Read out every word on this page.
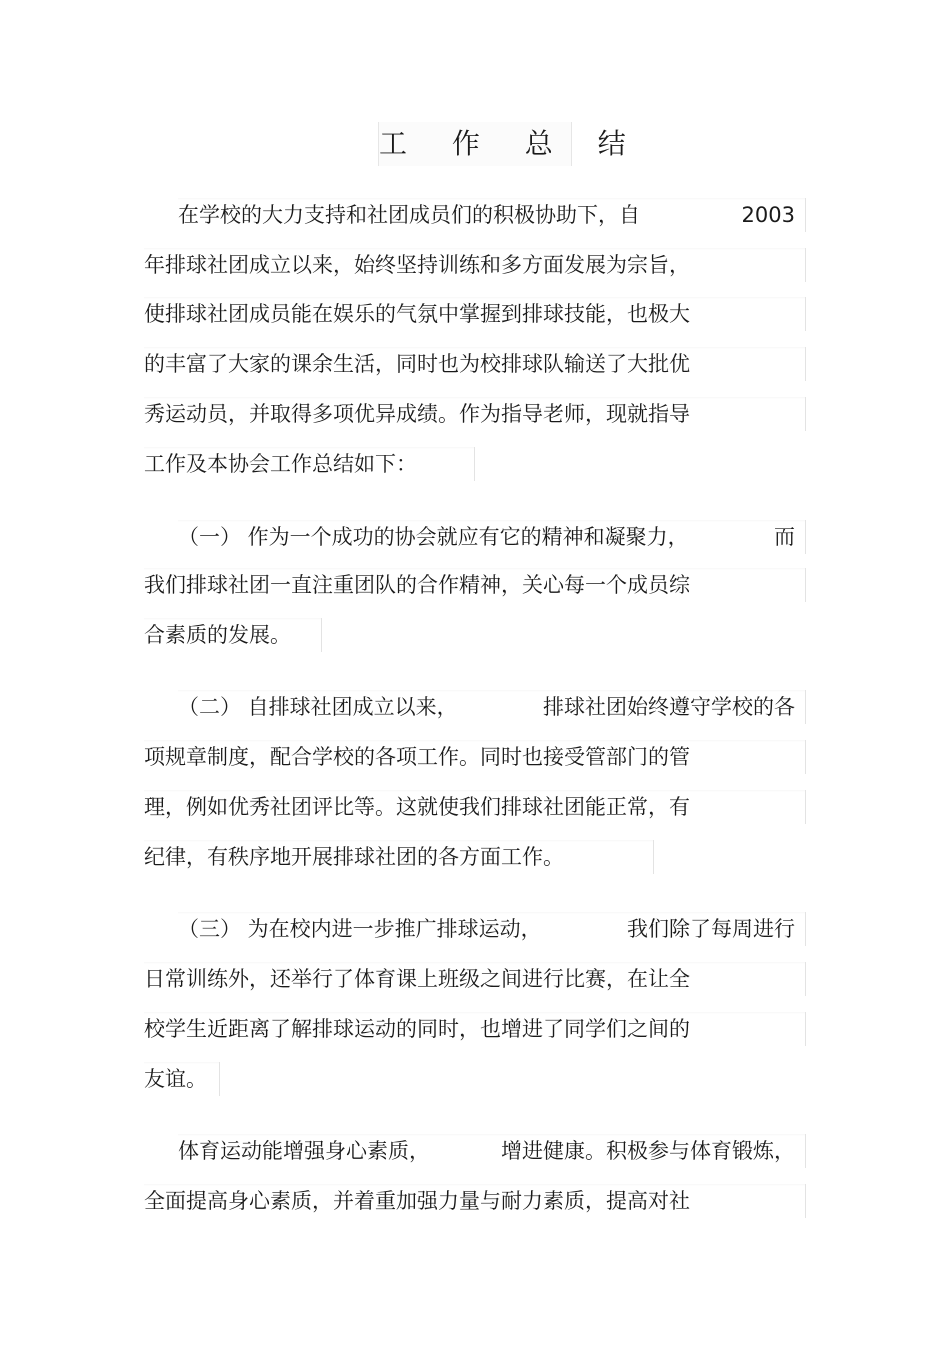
工 作 总 结
在学校的大力支持和社团成员们的积极协助下，自	2003
年排球社团成立以来，始终坚持训练和多方面发展为宗旨，
使排球社团成员能在娱乐的气氛中掌握到排球技能，也极大
的丰富了大家的课余生活，同时也为校排球队输送了大批优
秀运动员，并取得多项优异成绩。作为指导老师，现就指导
工作及本协会工作总结如下：
（一） 作为一个成功的协会就应有它的精神和凝聚力，	而
我们排球社团一直注重团队的合作精神，关心每一个成员综
合素质的发展。
（二） 自排球社团成立以来，	排球社团始终遵守学校的各
项规章制度，配合学校的各项工作。同时也接受管部门的管
理，例如优秀社团评比等。这就使我们排球社团能正常，有
纪律，有秩序地开展排球社团的各方面工作。
（三） 为在校内进一步推广排球运动，	我们除了每周进行
日常训练外，还举行了体育课上班级之间进行比赛，在让全
校学生近距离了解排球运动的同时，也增进了同学们之间的
友谊。
体育运动能增强身心素质，	增进健康。积极参与体育锻炼，
全面提高身心素质，并着重加强力量与耐力素质，提高对社
